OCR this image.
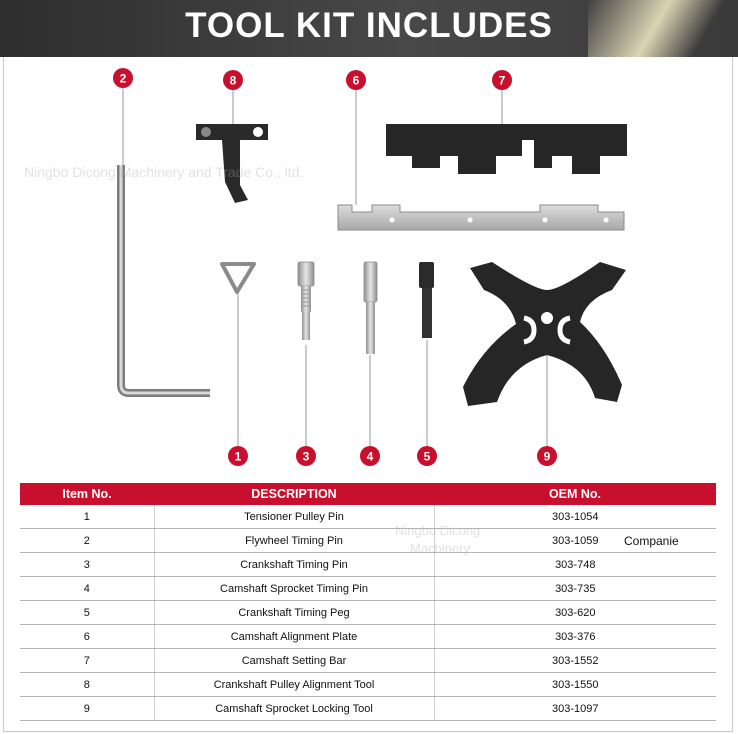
TOOL KIT INCLUDES
2	8	6	7
1	3	4	5	9
Ningbo Dicong Machinery and Trade Co., ltd.
Item No.	DESCRIPTION	OEM No.
1	Tensioner Pulley Pin	303-1054
2	Flywheel Timing Pin	303-1059
3	Crankshaft Timing Pin	303-748
4	Camshaft Sprocket Timing Pin	303-735
5	Crankshaft Timing Peg	303-620
6	Camshaft Alignment Plate	303-376
7	Camshaft Setting Bar	303-1552
8	Crankshaft Pulley Alignment Tool	303-1550
9	Camshaft Sprocket Locking Tool	303-1097
Ningbo Dicong
Machinery	Companie
